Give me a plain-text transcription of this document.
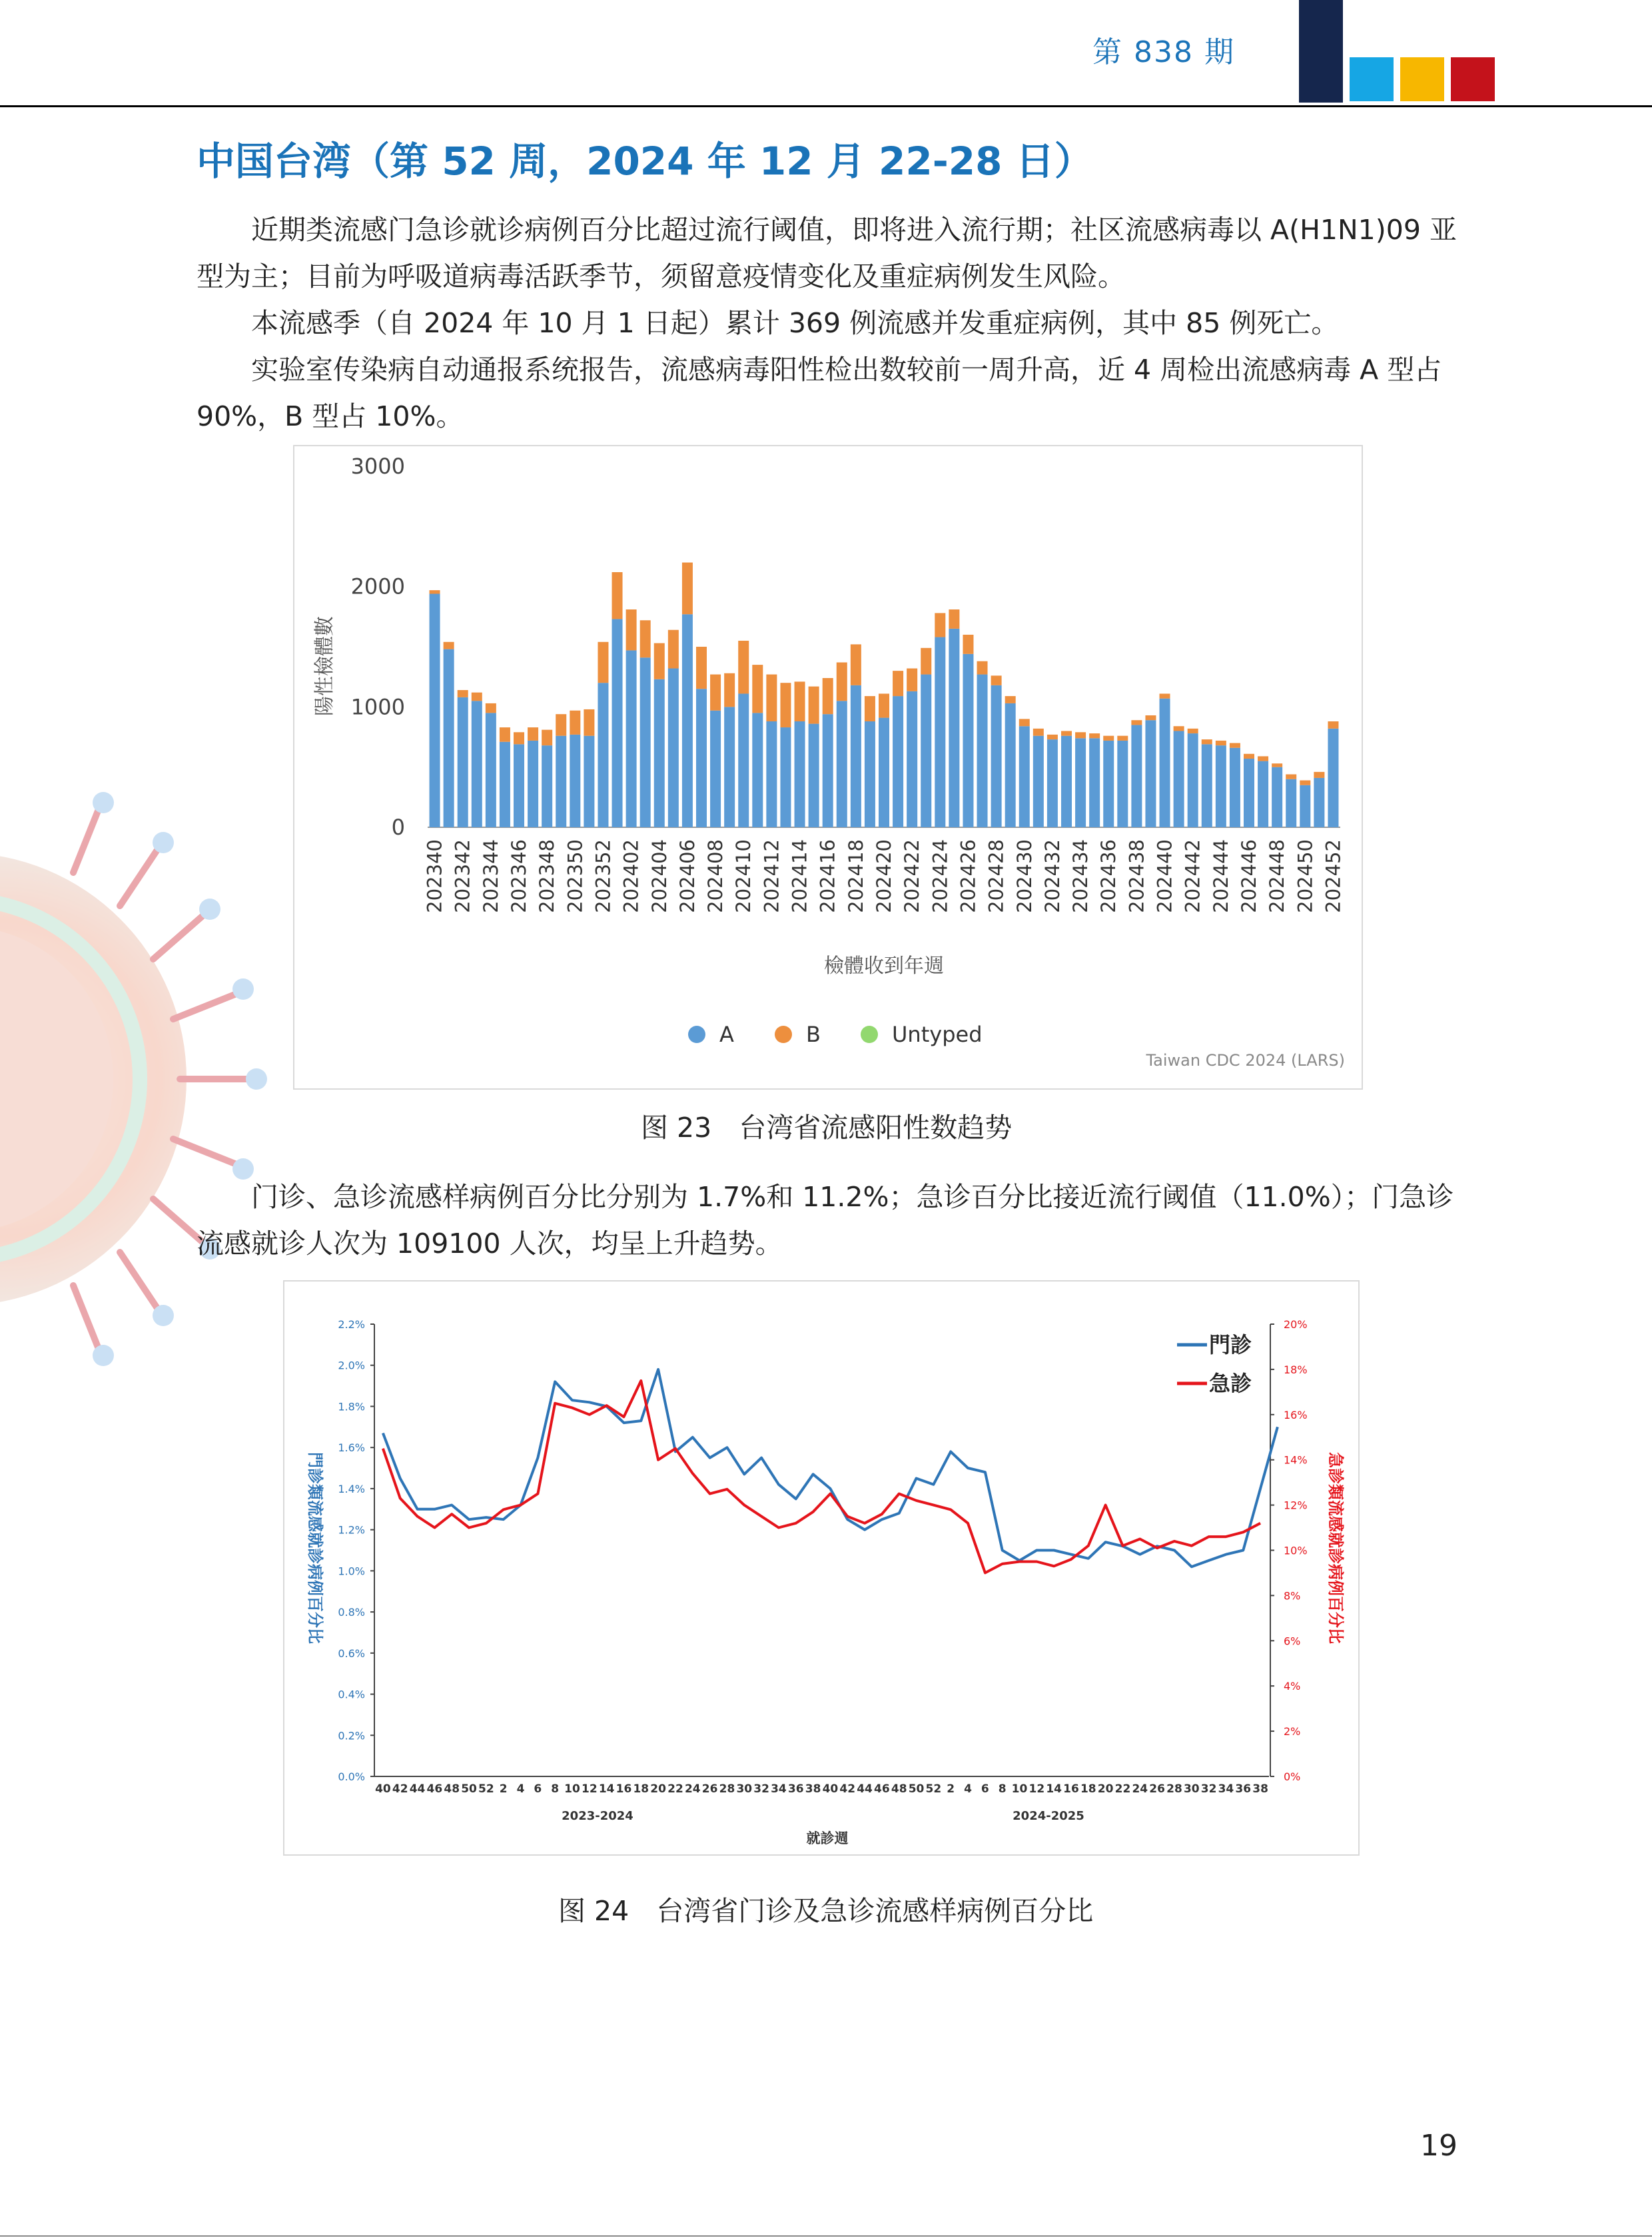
第 838 期
中国台湾（第 52 周，2024 年 12 月 22-28 日）
近期类流感门急诊就诊病例百分比超过流行阈值，即将进入流行期；社区流感病毒以 A(H1N1)09 亚
型为主；目前为呼吸道病毒活跃季节，须留意疫情变化及重症病例发生风险。
本流感季（自 2024 年 10 月 1 日起）累计 369 例流感并发重症病例，其中 85 例死亡。
实验室传染病自动通报系统报告，流感病毒阳性检出数较前一周升高，近 4 周检出流感病毒 A 型占
90%，B 型占 10%。
0
1000
2000
3000
202340 202342 202344 202346 202348 202350 202352 202402 202404 202406 202408 202410 202412 202414 202416 202418 202420 202422 202424 202426 202428 202430 202432 202434 202436 202438 202440 202442 202444 202446 202448 202450 202452
陽性檢體數
檢體收到年週
A	B	Untyped
Taiwan CDC 2024 (LARS)
图 23　台湾省流感阳性数趋势
门诊、急诊流感样病例百分比分别为 1.7%和 11.2%；急诊百分比接近流行阈值（11.0%）；门急诊
流感就诊人次为 109100 人次，均呈上升趋势。
0.0%
0.2%
0.4%
0.6%
0.8%
1.0%
1.2%
1.4%
1.6%
1.8%
2.0%
2.2%
0%
2%
4%
6%
8%
10%
12%
14%
16%
18%
20%
40 42 44 46 48 50 52 2 4 6 8 10 12 14 16 18 20 22 24 26 28 30 32 34 36 38 40 42 44 46 48 50 52 2 4 6 8 10 12 14 16 18 20 22 24 26 28 30 32 34 36 38
門診類流感就診病例百分比	急診類流感就診病例百分比
就診週
2023-2024	2024-2025
門診
急診
图 24　台湾省门诊及急诊流感样病例百分比
19
